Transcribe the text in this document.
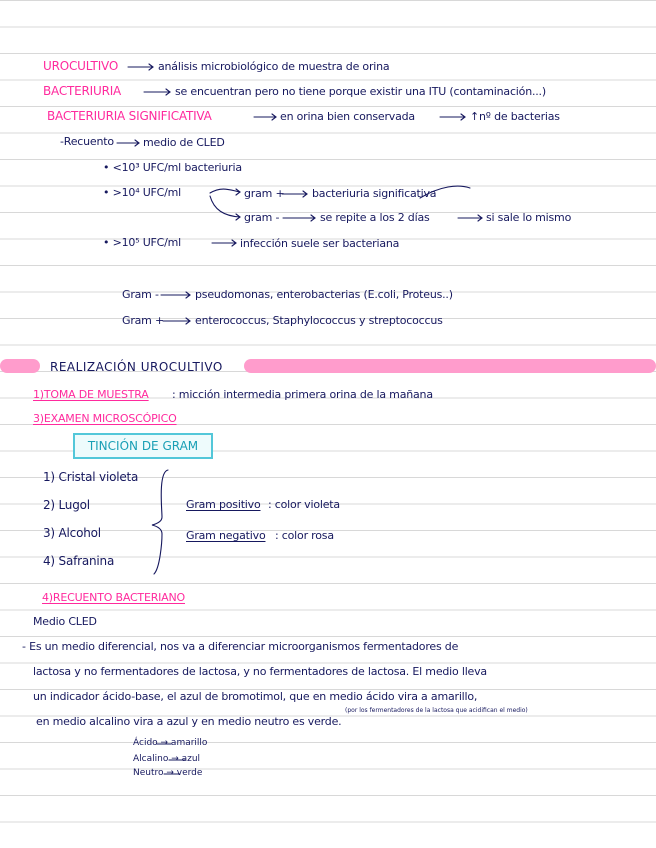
UROCULTIVO	análisis microbiológico de muestra de orina
BACTERIURIA	se encuentran pero no tiene porque existir una ITU (contaminación...)
BACTERIURIA SIGNIFICATIVA	en orina bien conservada	↑nº de bacterias
-Recuento	medio de CLED
• <10³ UFC/ml bacteriuria
• >10⁴ UFC/ml	gram +	bacteriuria significativa
gram -	se repite a los 2 días	si sale lo mismo
• >10⁵ UFC/ml	infección suele ser bacteriana
Gram -	pseudomonas, enterobacterias (E.coli, Proteus..)
Gram +	enterococcus, Staphylococcus y streptococcus
REALIZACIÓN UROCULTIVO
1)TOMA DE MUESTRA : micción intermedia primera orina de la mañana
3)EXAMEN MICROSCÓPICO
TINCIÓN DE GRAM
1) Cristal violeta
2) Lugol
3) Alcohol
4) Safranina
Gram positivo : color violeta
Gram negativo : color rosa
4)RECUENTO BACTERIANO
Medio CLED
- Es un medio diferencial, nos va a diferenciar microorganismos fermentadores de
lactosa y no fermentadores de lactosa, y no fermentadores de lactosa. El medio lleva
un indicador ácido-base, el azul de bromotimol, que en medio ácido vira a amarillo,
(por los fermentadores de la lactosa que acidifican el medio)
en medio alcalino vira a azul y en medio neutro es verde.
Ácido → amarillo
Alcalino → azul
Neutro → verde
